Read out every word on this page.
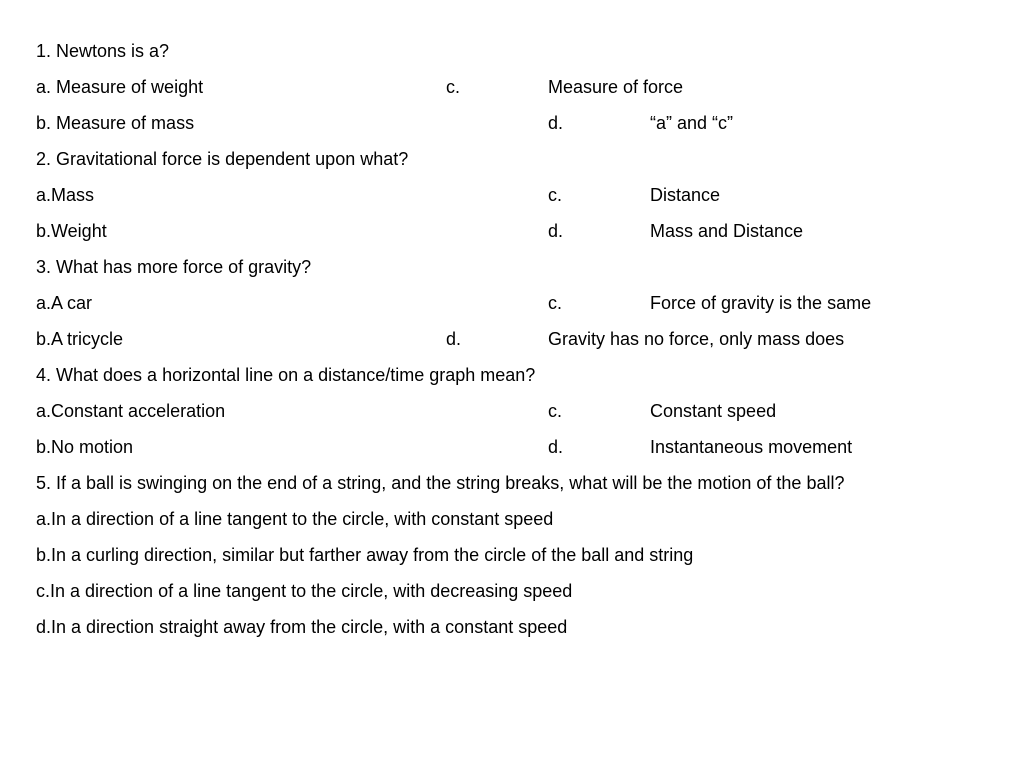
1. Newtons is a?
a. Measure of weight	c.	Measure of force
b. Measure of mass	d.	“a” and “c”
2. Gravitational force is dependent upon what?
a.Mass	c.	Distance
b.Weight	d.	Mass and Distance
3. What has more force of gravity?
a.A car	c.	Force of gravity is the same
b.A tricycle	d.	Gravity has no force, only mass does
4. What does a horizontal line on a distance/time graph mean?
a.Constant acceleration	c.	Constant speed
b.No motion	d.	Instantaneous movement
5. If a ball is swinging on the end of a string, and the string breaks, what will be the motion of the ball?
a.In a direction of a line tangent to the circle, with constant speed
b.In a curling direction, similar but farther away from the circle of the ball and string
c.In a direction of a line tangent to the circle, with decreasing speed
d.In a direction straight away from the circle, with a constant speed
